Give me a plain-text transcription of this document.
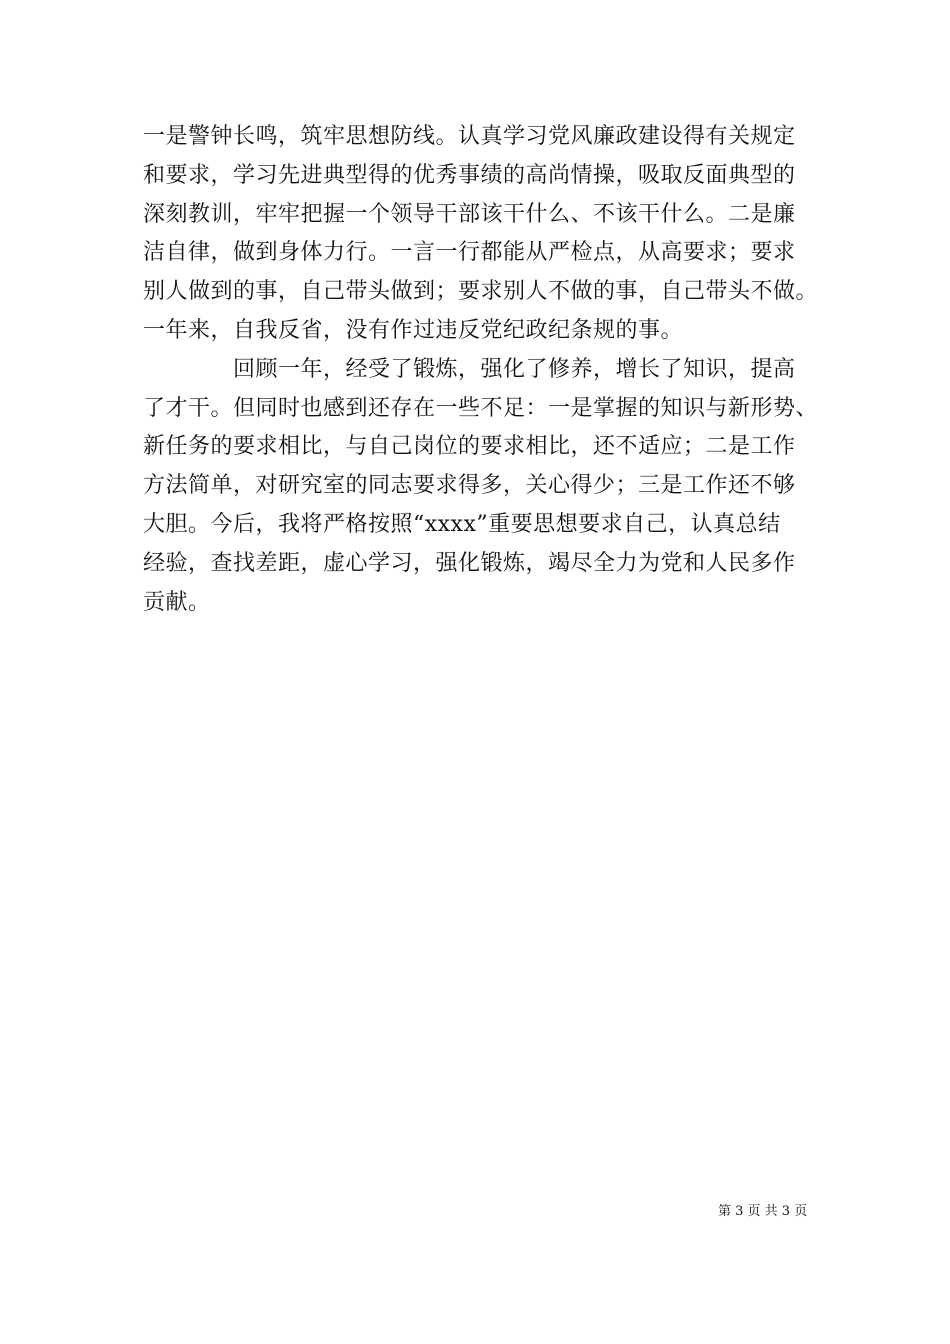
一是警钟长鸣，筑牢思想防线。认真学习党风廉政建设得有关规定
和要求，学习先进典型得的优秀事绩的高尚情操，吸取反面典型的
深刻教训，牢牢把握一个领导干部该干什么、不该干什么。二是廉
洁自律，做到身体力行。一言一行都能从严检点，从高要求；要求
别人做到的事，自己带头做到；要求别人不做的事，自己带头不做。
一年来，自我反省，没有作过违反党纪政纪条规的事。
　　　　回顾一年，经受了锻炼，强化了修养，增长了知识，提高
了才干。但同时也感到还存在一些不足：一是掌握的知识与新形势、
新任务的要求相比，与自己岗位的要求相比，还不适应；二是工作
方法简单，对研究室的同志要求得多，关心得少；三是工作还不够
大胆。今后，我将严格按照“xxxx”重要思想要求自己，认真总结
经验，查找差距，虚心学习，强化锻炼，竭尽全力为党和人民多作
贡献。
第 3 页 共 3 页
